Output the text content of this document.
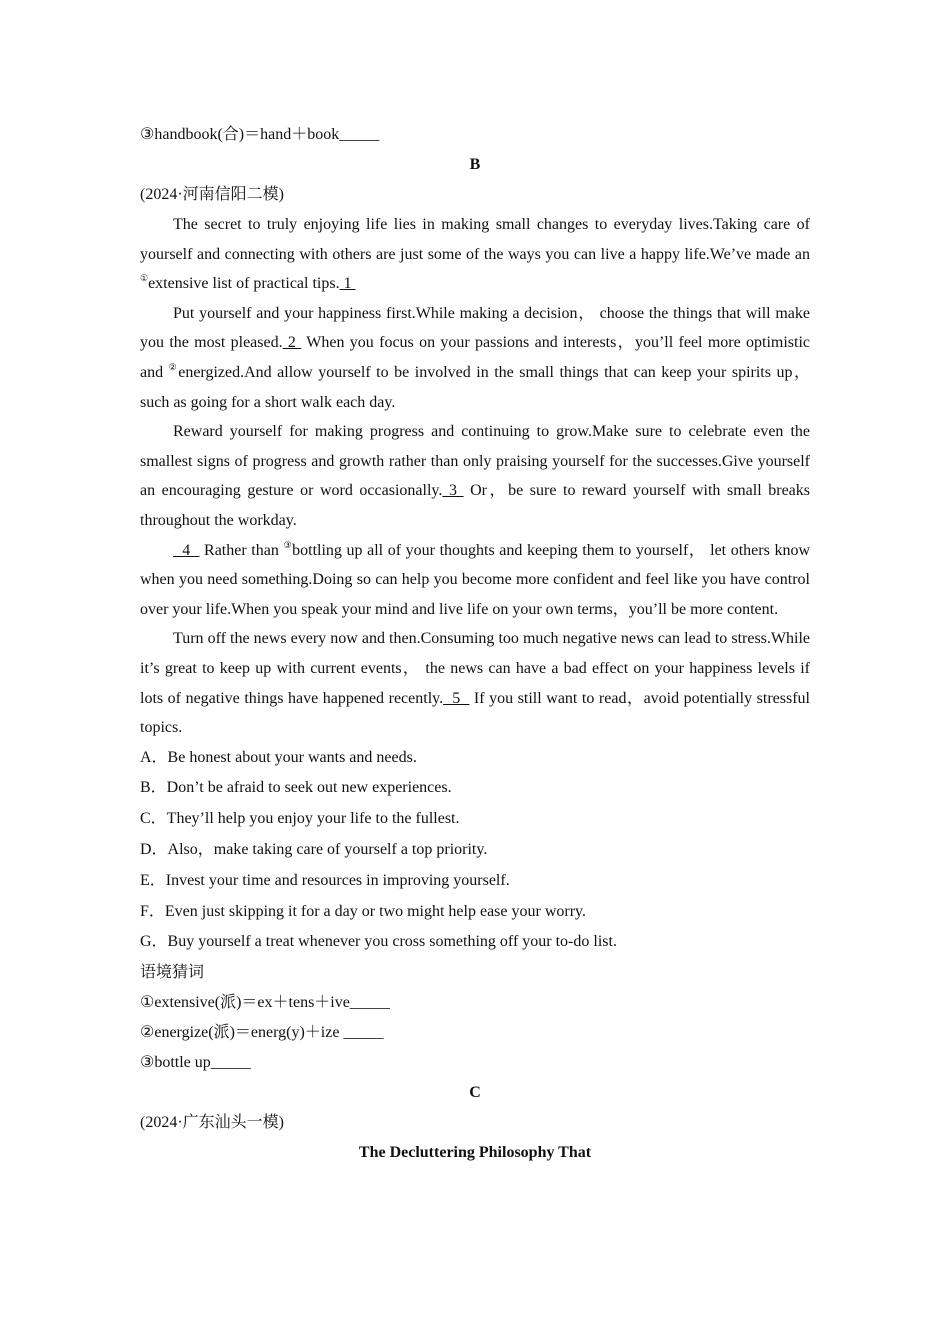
③handbook(合)＝hand＋book_____

B

(2024·河南信阳二模)

The secret to truly enjoying life lies in making small changes to everyday lives.Taking care of yourself and connecting with others are just some of the ways you can live a happy life.We’ve made an ①extensive list of practical tips. 1

Put yourself and your happiness first.While making a decision， choose the things that will make you the most pleased. 2  When you focus on your passions and interests，you’ll feel more optimistic and ②energized.And allow yourself to be involved in the small things that can keep your spirits up，such as going for a short walk each day.

Reward yourself for making progress and continuing to grow.Make sure to celebrate even the smallest signs of progress and growth rather than only praising yourself for the successes.Give yourself an encouraging gesture or word occasionally. 3  Or，be sure to reward yourself with small breaks throughout the workday.

4   Rather than ③bottling up all of your thoughts and keeping them to yourself， let others know when you need something.Doing so can help you become more confident and feel like you have control over your life.When you speak your mind and live life on your own terms，you’ll be more content.

Turn off the news every now and then.Consuming too much negative news can lead to stress.While it’s great to keep up with current events， the news can have a bad effect on your happiness levels if lots of negative things have happened recently.  5   If you still want to read，avoid potentially stressful topics.

A．Be honest about your wants and needs.

B．Don’t be afraid to seek out new experiences.

C．They’ll help you enjoy your life to the fullest.

D．Also，make taking care of yourself a top priority.

E．Invest your time and resources in improving yourself.

F．Even just skipping it for a day or two might help ease your worry.

G．Buy yourself a treat whenever you cross something off your to-do list.

语境猜词

①extensive(派)＝ex＋tens＋ive_____

②energize(派)＝energ(y)＋ize _____

③bottle up_____

C

(2024·广东汕头一模)

The Decluttering Philosophy That
